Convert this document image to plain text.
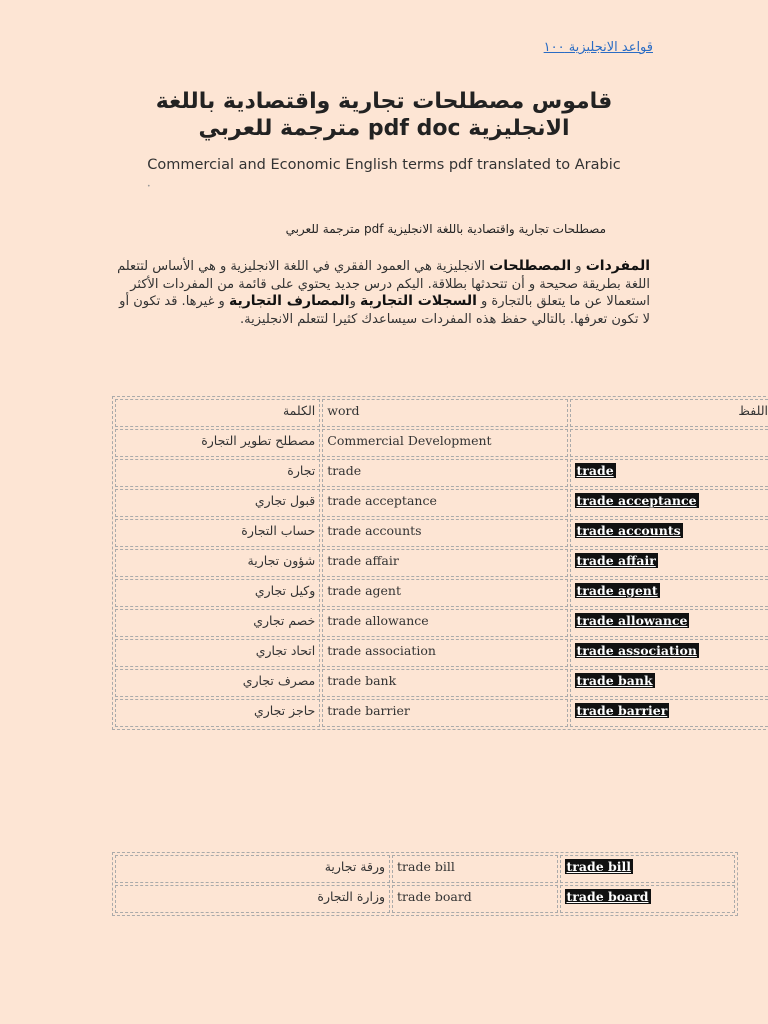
قواعد الانجليزية ١٠٠
قاموس مصطلحات تجارية واقتصادية باللغة
الانجليزية pdf doc مترجمة للعربي
Commercial and Economic English terms pdf translated to Arabic
•
مصطلحات تجارية واقتصادية باللغة الانجليزية pdf مترجمة للعربي
المفردات و المصطلحات الانجليزية هي العمود الفقري في اللغة الانجليزية و هي الأساس لتتعلم اللغة بطريقة صحيحة و أن تتحدثها بطلاقة. اليكم درس جديد يحتوي على قائمة من المفردات الأكثر استعمالا عن ما يتعلق بالتجارة و السجلات التجارية والمصارف التجارية و غيرها. قد تكون أو لا تكون تعرفها. بالتالي حفظ هذه المفردات سيساعدك كثيرا لتتعلم الانجليزية.
الكلمة	word	اللفظ
مصطلح تطوير التجارة	Commercial Development	
تجارة	trade	trade
قبول تجاري	trade acceptance	trade acceptance
حساب التجارة	trade accounts	trade accounts
شؤون تجارية	trade affair	trade affair
وكيل تجاري	trade agent	trade agent
خصم تجاري	trade allowance	trade allowance
اتحاد تجاري	trade association	trade association
مصرف تجاري	trade bank	trade bank
حاجز تجاري	trade barrier	trade barrier
ورقة تجارية	trade bill	trade bill
وزارة التجارة	trade board	trade board
